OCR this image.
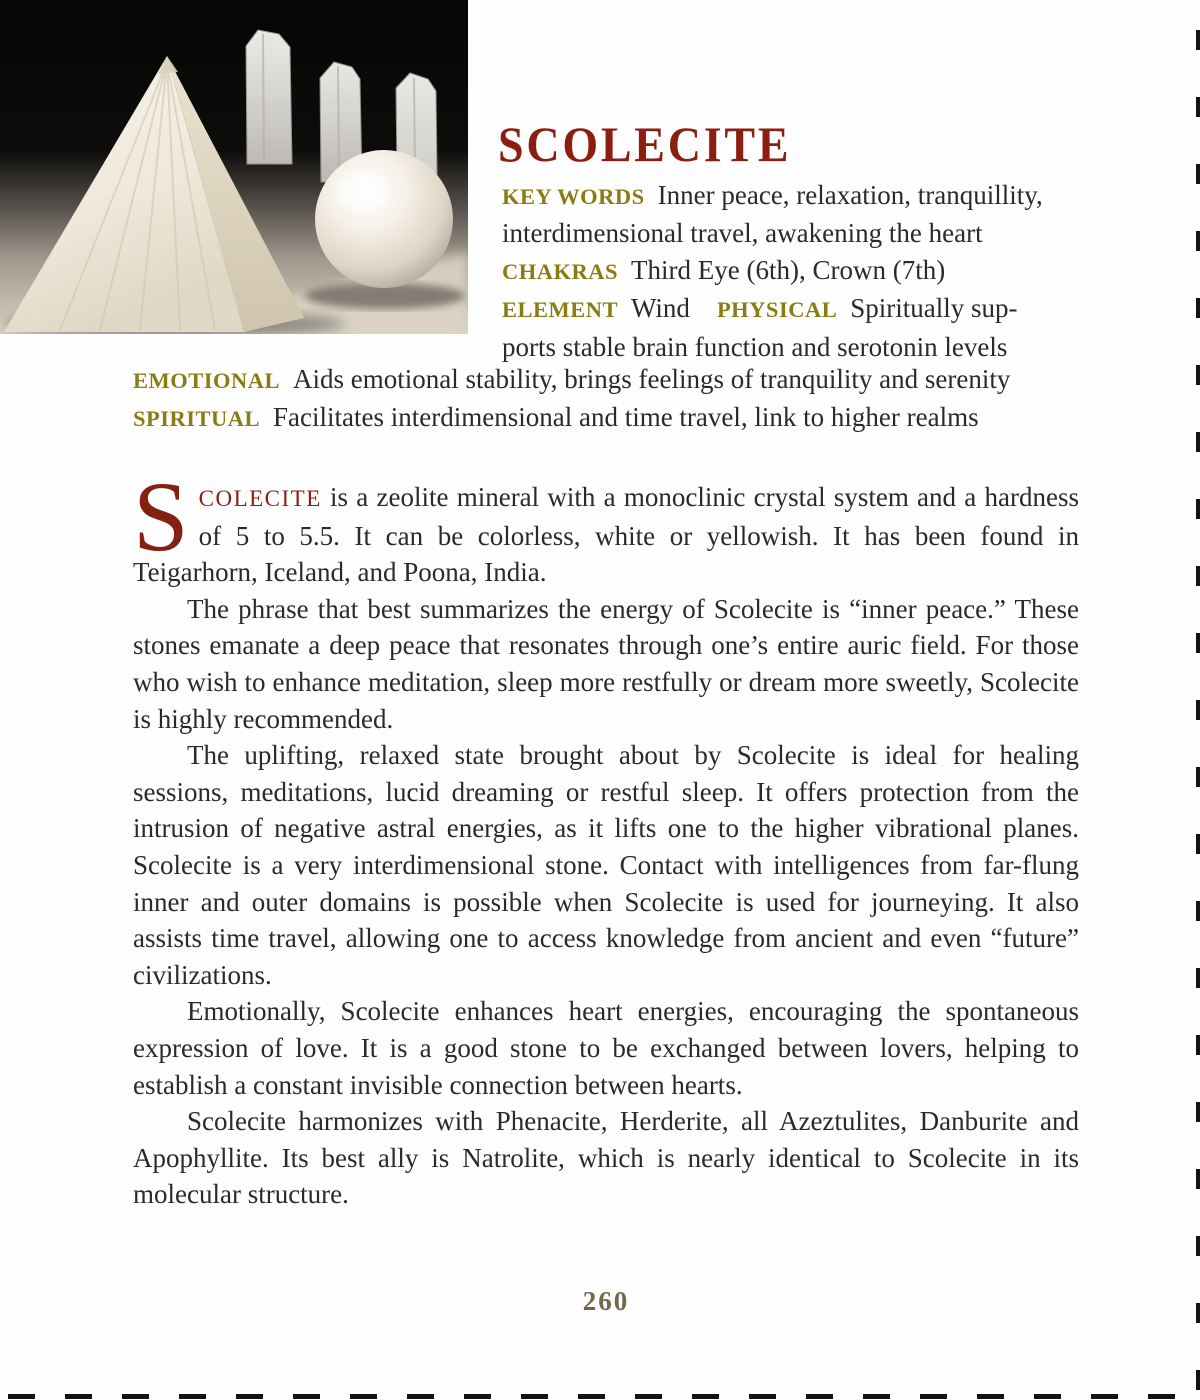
SCOLECITE
KEY WORDS Inner peace, relaxation, tranquillity,
interdimensional travel, awakening the heart
CHAKRAS Third Eye (6th), Crown (7th)
ELEMENT Wind PHYSICAL Spiritually sup-
ports stable brain function and serotonin levels
EMOTIONAL Aids emotional stability, brings feelings of tranquility and serenity
SPIRITUAL Facilitates interdimensional and time travel, link to higher realms

SCOLECITE is a zeolite mineral with a monoclinic crystal system and a hardness of 5 to 5.5. It can be colorless, white or yellowish. It has been found in Teigarhorn, Iceland, and Poona, India.

The phrase that best summarizes the energy of Scolecite is “inner peace.” These stones emanate a deep peace that resonates through one’s entire auric field. For those who wish to enhance meditation, sleep more restfully or dream more sweetly, Scolecite is highly recommended.

The uplifting, relaxed state brought about by Scolecite is ideal for healing sessions, meditations, lucid dreaming or restful sleep. It offers protection from the intrusion of negative astral energies, as it lifts one to the higher vibrational planes. Scolecite is a very interdimensional stone. Contact with intelligences from far-flung inner and outer domains is possible when Scolecite is used for journeying. It also assists time travel, allowing one to access knowledge from ancient and even “future” civilizations.

Emotionally, Scolecite enhances heart energies, encouraging the spontaneous expression of love. It is a good stone to be exchanged between lovers, helping to establish a constant invisible connection between hearts.

Scolecite harmonizes with Phenacite, Herderite, all Azeztulites, Danburite and Apophyllite. Its best ally is Natrolite, which is nearly identical to Scolecite in its molecular structure.

260
